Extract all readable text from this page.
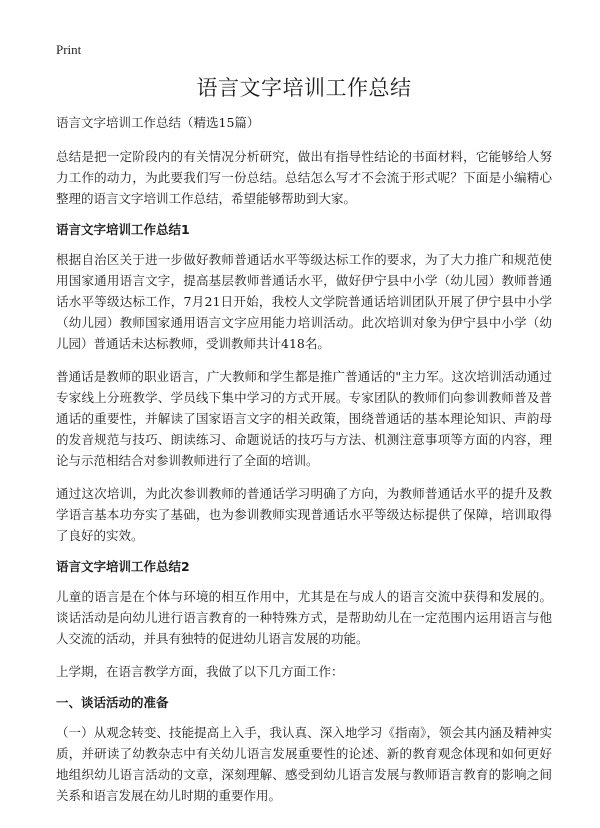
Print
语言文字培训工作总结
语言文字培训工作总结（精选15篇）

总结是把一定阶段内的有关情况分析研究，做出有指导性结论的书面材料，它能够给人努力工作的动力，为此要我们写一份总结。总结怎么写才不会流于形式呢？下面是小编精心整理的语言文字培训工作总结，希望能够帮助到大家。

语言文字培训工作总结1

根据自治区关于进一步做好教师普通话水平等级达标工作的要求，为了大力推广和规范使用国家通用语言文字，提高基层教师普通话水平，做好伊宁县中小学（幼儿园）教师普通话水平等级达标工作，7月21日开始，我校人文学院普通话培训团队开展了伊宁县中小学（幼儿园）教师国家通用语言文字应用能力培训活动。此次培训对象为伊宁县中小学（幼儿园）普通话未达标教师，受训教师共计418名。

普通话是教师的职业语言，广大教师和学生都是推广普通话的"主力军。这次培训活动通过专家线上分班教学、学员线下集中学习的方式开展。专家团队的教师们向参训教师普及普通话的重要性，并解读了国家语言文字的相关政策，围绕普通话的基本理论知识、声韵母的发音规范与技巧、朗读练习、命题说话的技巧与方法、机测注意事项等方面的内容，理论与示范相结合对参训教师进行了全面的培训。

通过这次培训，为此次参训教师的普通话学习明确了方向，为教师普通话水平的提升及教学语言基本功夯实了基础，也为参训教师实现普通话水平等级达标提供了保障，培训取得了良好的实效。

语言文字培训工作总结2

儿童的语言是在个体与环境的相互作用中，尤其是在与成人的语言交流中获得和发展的。谈话活动是向幼儿进行语言教育的一种特殊方式，是帮助幼儿在一定范围内运用语言与他人交流的活动，并具有独特的促进幼儿语言发展的功能。

上学期，在语言教学方面，我做了以下几方面工作：

一、谈话活动的准备

（一）从观念转变、技能提高上入手，我认真、深入地学习《指南》，领会其内涵及精神实质，并研读了幼教杂志中有关幼儿语言发展重要性的论述、新的教育观念体现和如何更好地组织幼儿语言活动的文章，深刻理解、感受到幼儿语言发展与教师语言教育的影响之间关系和语言发展在幼儿时期的重要作用。
